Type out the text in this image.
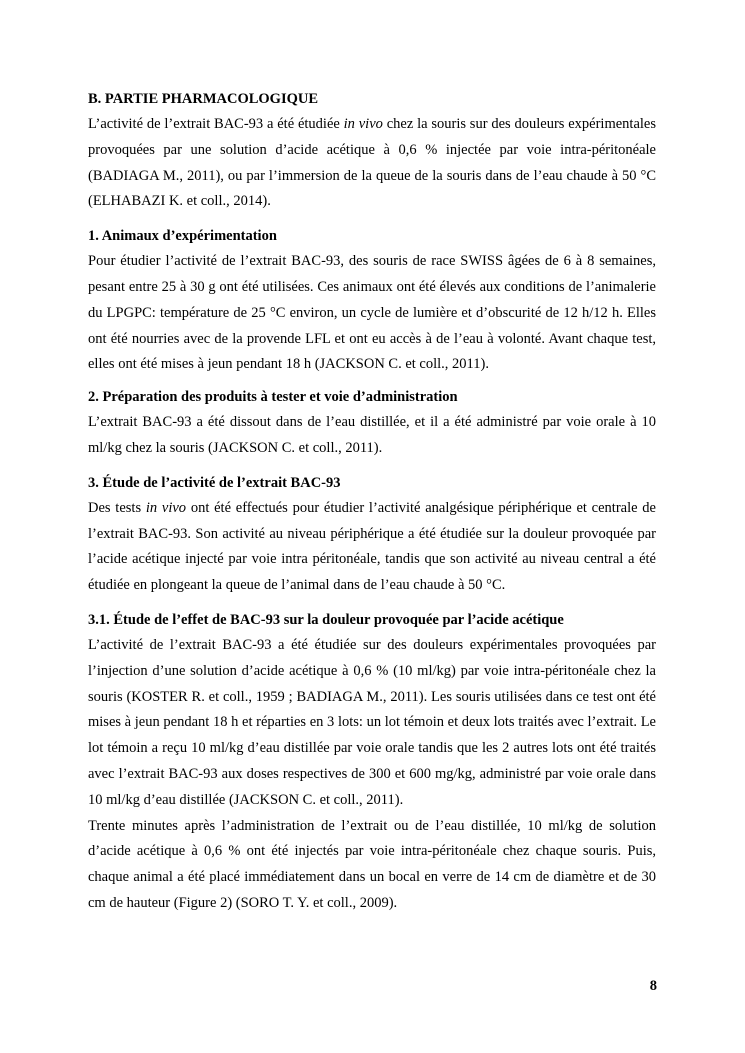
B. PARTIE PHARMACOLOGIQUE

L’activité de l’extrait BAC-93 a été étudiée in vivo chez la souris sur des douleurs expérimentales provoquées par une solution d’acide acétique à 0,6 % injectée par voie intra-péritonéale (BADIAGA M., 2011), ou par l’immersion de la queue de la souris dans de l’eau chaude à 50 °C (ELHABAZI K. et coll., 2014).

1. Animaux d’expérimentation

Pour étudier l’activité de l’extrait BAC-93, des souris de race SWISS âgées de 6 à 8 semaines, pesant entre 25 à 30 g ont été utilisées. Ces animaux ont été élevés aux conditions de l’animalerie du LPGPC: température de 25 °C environ, un cycle de lumière et d’obscurité de 12 h/12 h. Elles ont été nourries avec de la provende LFL et ont eu accès à de l’eau à volonté. Avant chaque test, elles ont été mises à jeun pendant 18 h (JACKSON C. et coll., 2011).

2. Préparation des produits à tester et voie d’administration

L’extrait BAC-93 a été dissout dans de l’eau distillée, et il a été administré par voie orale à 10 ml/kg chez la souris (JACKSON C. et coll., 2011).

3. Étude de l’activité de l’extrait BAC-93

Des tests in vivo ont été effectués pour étudier l’activité analgésique périphérique et centrale de l’extrait BAC-93. Son activité au niveau périphérique a été étudiée sur la douleur provoquée par l’acide acétique injecté par voie intra péritonéale, tandis que son activité au niveau central a été étudiée en plongeant la queue de l’animal dans de l’eau chaude à 50 °C.

3.1. Étude de l’effet de BAC-93 sur la douleur provoquée par l’acide acétique

L’activité de l’extrait BAC-93 a été étudiée sur des douleurs expérimentales provoquées par l’injection d’une solution d’acide acétique à 0,6 % (10 ml/kg) par voie intra-péritonéale chez la souris (KOSTER R. et coll., 1959 ; BADIAGA M., 2011). Les souris utilisées dans ce test ont été mises à jeun pendant 18 h et réparties en 3 lots: un lot témoin et deux lots traités avec l’extrait. Le lot témoin a reçu 10 ml/kg d’eau distillée par voie orale tandis que les 2 autres lots ont été traités avec l’extrait BAC-93 aux doses respectives de 300 et 600 mg/kg, administré par voie orale dans 10 ml/kg d’eau distillée (JACKSON C. et coll., 2011).

Trente minutes après l’administration de l’extrait ou de l’eau distillée, 10 ml/kg de solution d’acide acétique à 0,6 % ont été injectés par voie intra-péritonéale chez chaque souris. Puis, chaque animal a été placé immédiatement dans un bocal en verre de 14 cm de diamètre et de 30 cm de hauteur (Figure 2) (SORO T. Y. et coll., 2009).

8
